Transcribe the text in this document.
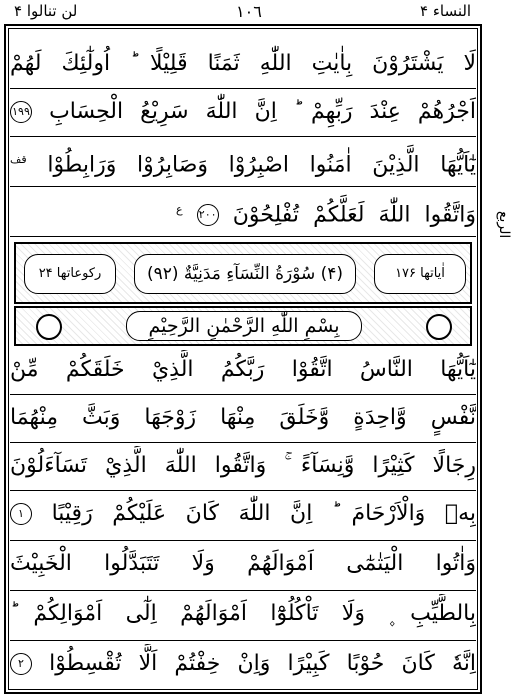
لن تنالوا ۴	١٠٦	النساء ۴
لَا يَشْتَرُوْنَ بِاٰيٰتِ اللّٰهِ ثَمَنًا قَلِيْلًا ؕ اُولٰٓئِكَ لَهُمْ
اَجْرُهُمْ عِنْدَ رَبِّهِمْ ؕ اِنَّ اللّٰهَ سَرِيْعُ الْحِسَابِ ١٩٩
يٰٓاَيُّهَا الَّذِيْنَ اٰمَنُوا اصْبِرُوْا وَصَابِرُوْا وَرَابِطُوْا $^{قف}$
وَاتَّقُوا اللّٰهَ لَعَلَّكُمْ تُفْلِحُوْنَ ٢٠٠ $^ع$
رکوعاتها ۲۴	(۴) سُوْرَةُ النِّسَآءِ مَدَنِيَّةٌ (۹۲)	اٰیاتها ۱۷۶
بِسْمِ اللّٰهِ الرَّحْمٰنِ الرَّحِيْمِ
يٰٓاَيُّهَا النَّاسُ اتَّقُوْا رَبَّكُمُ الَّذِيْ خَلَقَكُمْ مِّنْ
نَّفْسٍ وَّاحِدَةٍ وَّخَلَقَ مِنْهَا زَوْجَهَا وَبَثَّ مِنْهُمَا
رِجَالًا كَثِيْرًا وَّنِسَآءً ۚ وَاتَّقُوا اللّٰهَ الَّذِيْ تَسَآءَلُوْنَ
بِهٖ وَالْاَرْحَامَ ؕ اِنَّ اللّٰهَ كَانَ عَلَيْكُمْ رَقِيْبًا ١
وَاٰتُوا الْيَتٰمٰٓى اَمْوَالَهُمْ وَلَا تَتَبَدَّلُوا الْخَبِيْثَ
بِالطَّيِّبِ ۪ وَلَا تَاْكُلُوْٓا اَمْوَالَهُمْ اِلٰٓى اَمْوَالِكُمْ ؕ
اِنَّهٗ كَانَ حُوْبًا كَبِيْرًا وَاِنْ خِفْتُمْ اَلَّا تُقْسِطُوْا ٢
الربع
